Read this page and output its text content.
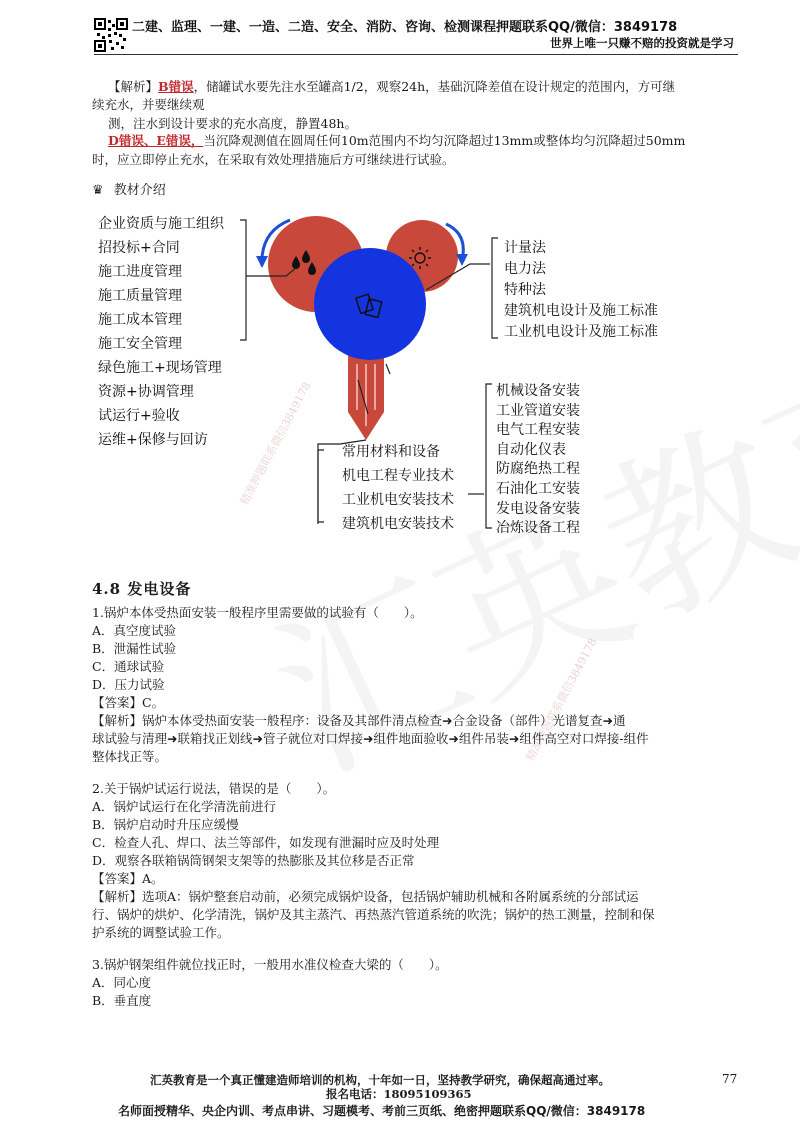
二建、监理、一建、一造、二造、安全、消防、咨询、检测课程押题联系QQ/微信：3849178
世界上唯一只赚不赔的投资就是学习
【解析】B错误，储罐试水要先注水至罐高1/2，观察24h，基础沉降差值在设计规定的范围内，方可继
续充水，并要继续观
测，注水到设计要求的充水高度，静置48h。
D错误、E错误，当沉降观测值在圆周任何10m范围内不均匀沉降超过13mm或整体均匀沉降超过50mm
时，应立即停止充水，在采取有效处理措施后方可继续进行试验。
♛ 教材介绍
企业资质与施工组织
招投标+合同
施工进度管理
施工质量管理
施工成本管理
施工安全管理
绿色施工+现场管理
资源+协调管理
试运行+验收
运维+保修与回访
计量法
电力法
特种法
建筑机电设计及施工标准
工业机电设计及施工标准
常用材料和设备
机电工程专业技术
工业机电安装技术
建筑机电安装技术
机械设备安装
工业管道安装
电气工程安装
自动化仪表
防腐绝热工程
石油化工安装
发电设备安装
冶炼设备工程
精准押题联系微信3849178
精准押题联系微信3849178
4.8 发电设备
1.锅炉本体受热面安装一般程序里需要做的试验有（　　）。
A．真空度试验
B．泄漏性试验
C．通球试验
D．压力试验
【答案】C。
【解析】锅炉本体受热面安装一般程序：设备及其部件清点检查➜合金设备（部件）光谱复查➜通
球试验与清理➜联箱找正划线➜管子就位对口焊接➜组件地面验收➜组件吊装➜组件高空对口焊接-组件
整体找正等。
2.关于锅炉试运行说法，错误的是（　　）。
A．锅炉试运行在化学清洗前进行
B．锅炉启动时升压应缓慢
C．检查人孔、焊口、法兰等部件，如发现有泄漏时应及时处理
D．观察各联箱锅筒钢架支架等的热膨胀及其位移是否正常
【答案】A。
【解析】选项A：锅炉整套启动前，必须完成锅炉设备，包括锅炉辅助机械和各附属系统的分部试运
行、锅炉的烘炉、化学清洗，锅炉及其主蒸汽、再热蒸汽管道系统的吹洗；锅炉的热工测量，控制和保
护系统的调整试验工作。
3.锅炉钢架组件就位找正时，一般用水准仪检查大梁的（　　）。
A．同心度
B．垂直度
汇英教育是一个真正懂建造师培训的机构，十年如一日，坚持教学研究，确保超高通过率。	77
报名电话：18095109365
名师面授精华、央企内训、考点串讲、习题模考、考前三页纸、绝密押题联系QQ/微信：3849178
